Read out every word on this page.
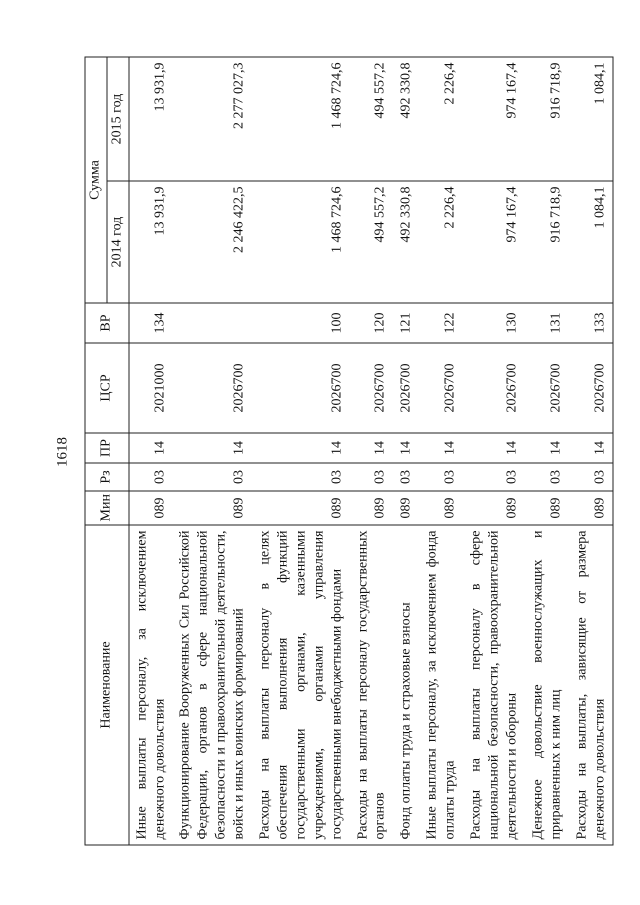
1618
Наименование	Мин	Рз	ПР	ЦСР	ВР	Сумма	
						2014 год	2015 год
Иные выплаты персоналу, за исключением денежного довольствия	089	03	14	2021000	134	13 931,9	13 931,9
Функционирование Вооруженных Сил Российской Федерации, органов в сфере национальной безопасности и правоохранительной деятельности, войск и иных воинских формирований	089	03	14	2026700		2 246 422,5	2 277 027,3
Расходы на выплаты персоналу в целях обеспечения выполнения функций государственными органами, казенными учреждениями, органами управления государственными внебюджетными фондами	089	03	14	2026700	100	1 468 724,6	1 468 724,6
Расходы на выплаты персоналу государственных органов	089	03	14	2026700	120	494 557,2	494 557,2
Фонд оплаты труда и страховые взносы	089	03	14	2026700	121	492 330,8	492 330,8
Иные выплаты персоналу, за исключением фонда оплаты труда	089	03	14	2026700	122	2 226,4	2 226,4
Расходы на выплаты персоналу в сфере национальной безопасности, правоохранительной деятельности и обороны	089	03	14	2026700	130	974 167,4	974 167,4
Денежное довольствие военнослужащих и приравненных к ним лиц	089	03	14	2026700	131	916 718,9	916 718,9
Расходы на выплаты, зависящие от размера денежного довольствия	089	03	14	2026700	133	1 084,1	1 084,1
